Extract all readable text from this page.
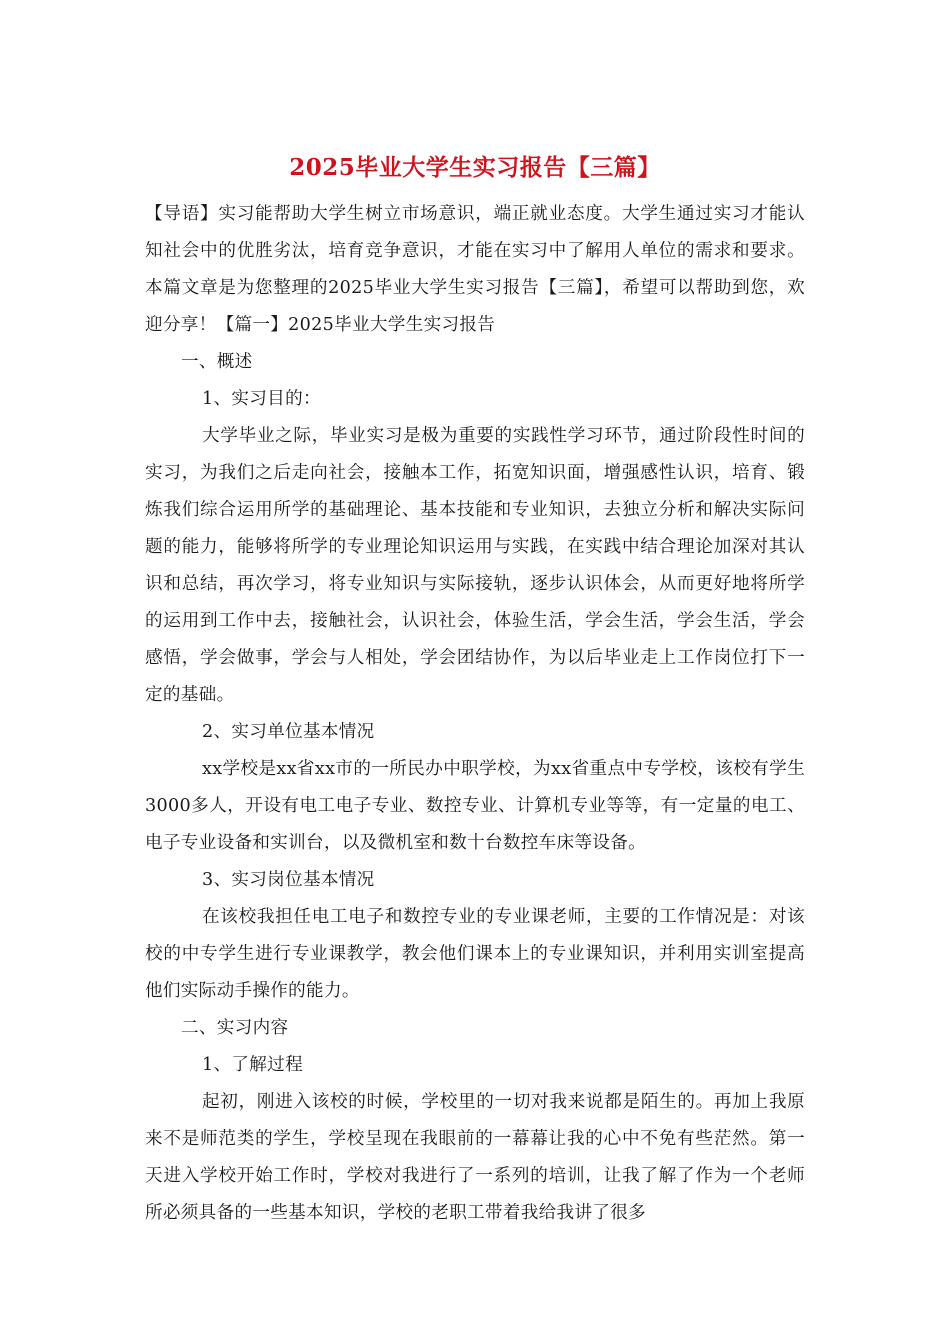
2025毕业大学生实习报告【三篇】

【导语】实习能帮助大学生树立市场意识，端正就业态度。大学生通过实习才能认知社会中的优胜劣汰，培育竞争意识，才能在实习中了解用人单位的需求和要求。本篇文章是为您整理的2025毕业大学生实习报告【三篇】，希望可以帮助到您，欢迎分享！【篇一】2025毕业大学生实习报告

一、概述

1、实习目的：

大学毕业之际，毕业实习是极为重要的实践性学习环节，通过阶段性时间的实习，为我们之后走向社会，接触本工作，拓宽知识面，增强感性认识，培育、锻炼我们综合运用所学的基础理论、基本技能和专业知识，去独立分析和解决实际问题的能力，能够将所学的专业理论知识运用与实践，在实践中结合理论加深对其认识和总结，再次学习，将专业知识与实际接轨，逐步认识体会，从而更好地将所学的运用到工作中去，接触社会，认识社会，体验生活，学会生活，学会生活，学会感悟，学会做事，学会与人相处，学会团结协作，为以后毕业走上工作岗位打下一定的基础。

2、实习单位基本情况

xx学校是xx省xx市的一所民办中职学校，为xx省重点中专学校，该校有学生3000多人，开设有电工电子专业、数控专业、计算机专业等等，有一定量的电工、电子专业设备和实训台，以及微机室和数十台数控车床等设备。

3、实习岗位基本情况

在该校我担任电工电子和数控专业的专业课老师，主要的工作情况是：对该校的中专学生进行专业课教学，教会他们课本上的专业课知识，并利用实训室提高他们实际动手操作的能力。

二、实习内容

1、了解过程

起初，刚进入该校的时候，学校里的一切对我来说都是陌生的。再加上我原来不是师范类的学生，学校呈现在我眼前的一幕幕让我的心中不免有些茫然。第一天进入学校开始工作时，学校对我进行了一系列的培训，让我了解了作为一个老师所必须具备的一些基本知识，学校的老职工带着我给我讲了很多
